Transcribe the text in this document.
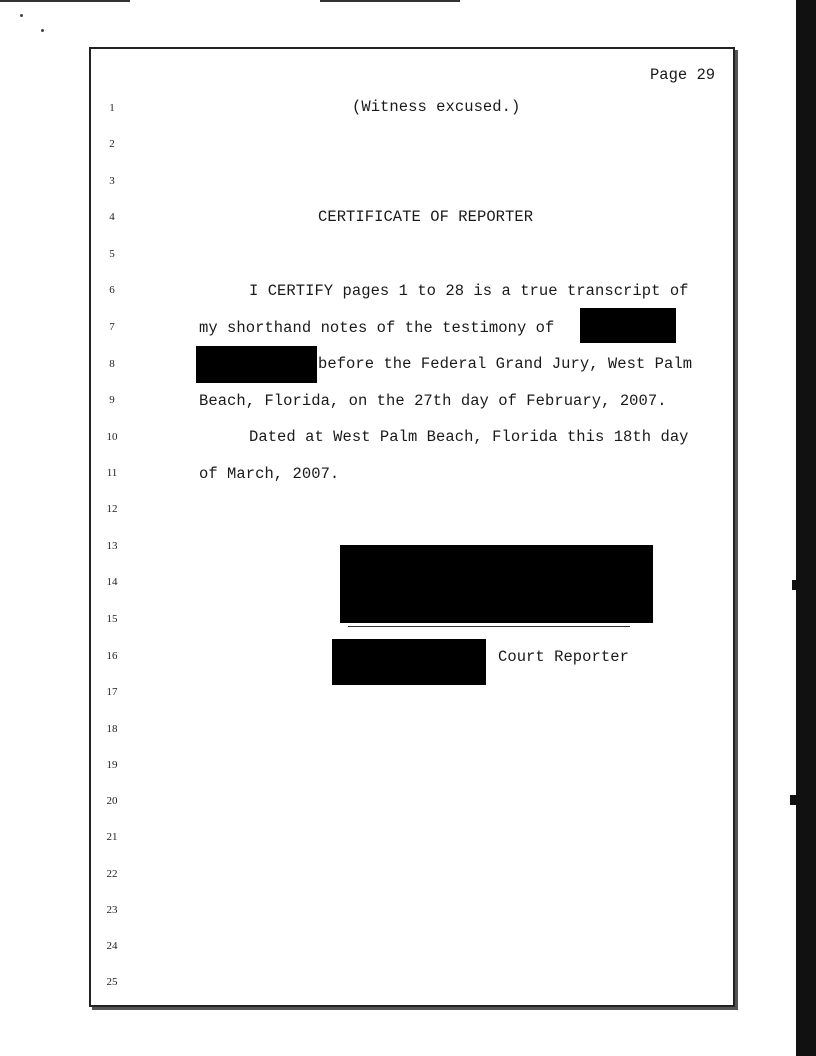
Page 29
1
2
3
4
5
6
7
8
9
10
11
12
13
14
15
16
17
18
19
20
21
22
23
24
25
(Witness excused.)
CERTIFICATE OF REPORTER
I CERTIFY pages 1 to 28 is a true transcript of
my shorthand notes of the testimony of
before the Federal Grand Jury, West Palm
Beach, Florida, on the 27th day of February, 2007.
Dated at West Palm Beach, Florida this 18th day
of March, 2007.
Court Reporter
